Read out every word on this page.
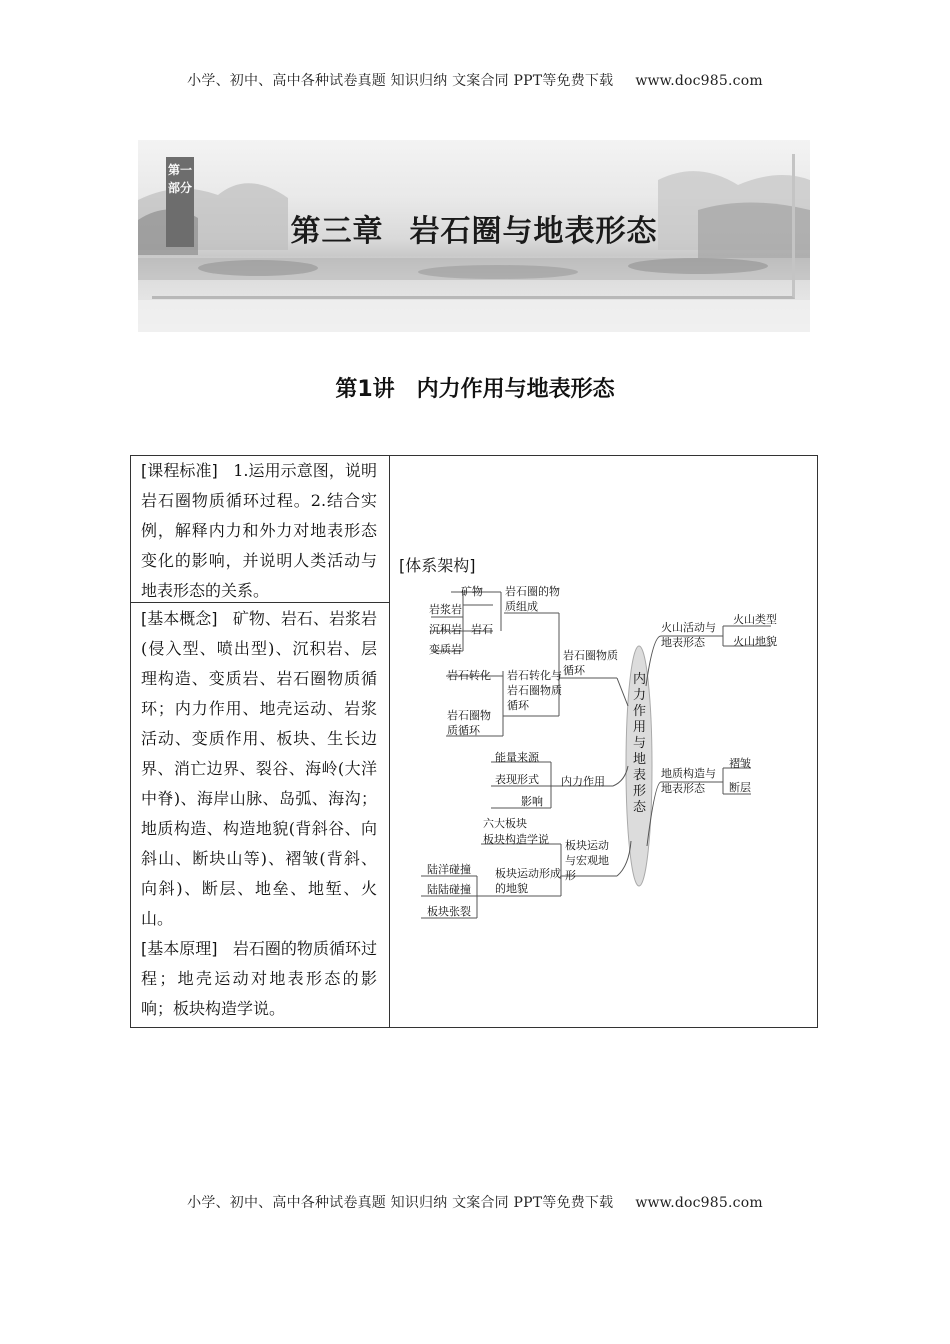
小学、初中、高中各种试卷真题 知识归纳 文案合同 PPT等免费下载 www.doc985.com
第一部分
第三章 岩石圈与地表形态
第1讲 内力作用与地表形态
[课程标准] 1.运用示意图，说明岩石圈物质循环过程。2.结合实例，解释内力和外力对地表形态变化的影响，并说明人类活动与地表形态的关系。
[基本概念] 矿物、岩石、岩浆岩(侵入型、喷出型)、沉积岩、层理构造、变质岩、岩石圈物质循环；内力作用、地壳运动、岩浆活动、变质作用、板块、生长边界、消亡边界、裂谷、海岭(大洋中脊)、海岸山脉、岛弧、海沟；地质构造、构造地貌(背斜谷、向斜山、断块山等)、褶皱(背斜、向斜)、断层、地垒、地堑、火山。
[基本原理] 岩石圈的物质循环过程；地壳运动对地表形态的影响；板块构造学说。
[体系架构]
矿物
岩浆岩
沉积岩
变质岩
岩石
岩石圈的物质组成
岩石圈物质循环
岩石转化 岩石转化与岩石圈物质循环
岩石圈物质循环
内力作用与地表形态
火山活动与地表形态
火山类型
火山地貌
地质构造与地表形态
褶皱
断层
能量来源
表现形式
影响
内力作用
六大板块
板块构造学说 板块运动与宏观地形
陆洋碰撞
陆陆碰撞
板块张裂
板块运动形成的地貌
小学、初中、高中各种试卷真题 知识归纳 文案合同 PPT等免费下载 www.doc985.com
